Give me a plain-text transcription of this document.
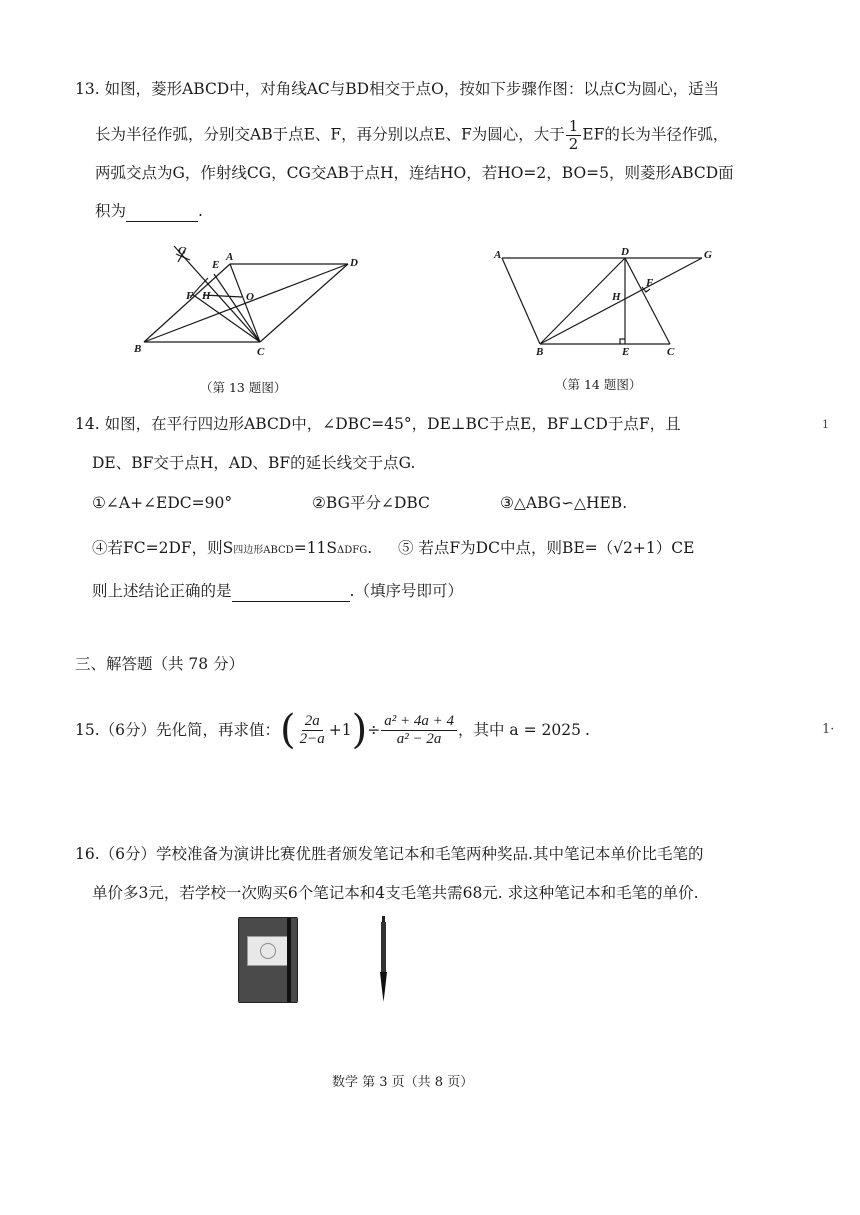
13. 如图，菱形ABCD中，对角线AC与BD相交于点O，按如下步骤作图：以点C为圆心，适当
长为半径作弧，分别交AB于点E、F，再分别以点E、F为圆心，大于 $\frac{1}{2}$ EF的长为半径作弧，
两弧交点为G，作射线CG，CG交AB于点H，连结HO，若HO=2，BO=5，则菱形ABCD面
积为	.
G
E
A	D
F H	O
B	C
（第 13 题图）
A	D	G
H
F
B	E	C
（第 14 题图）
14. 如图，在平行四边形ABCD中，∠DBC=45°，DE⊥BC于点E，BF⊥CD于点F，且
DE、BF交于点H，AD、BF的延长线交于点G.
①∠A+∠EDC=90°	②BG平分∠DBC	③△ABG∽△HEB.
④若FC=2DF，则S四边形ABCD=11SΔDFG. ⑤ 若点F为DC中点，则BE=（√2+1）CE
则上述结论正确的是	.（填序号即可）
1
三、解答题（共 78 分）
15.（6分）先化简，再求值： ( $\frac{2a}{2-a} +1$ ) ÷ $\frac{\text{a² + 4a + 4}}{\text{a² − 2a}}$ ，其中 a = 2025 .	1·
16.（6分）学校准备为演讲比赛优胜者颁发笔记本和毛笔两种奖品.其中笔记本单价比毛笔的
单价多3元，若学校一次购买6个笔记本和4支毛笔共需68元. 求这种笔记本和毛笔的单价.
数学 第 3 页（共 8 页）
